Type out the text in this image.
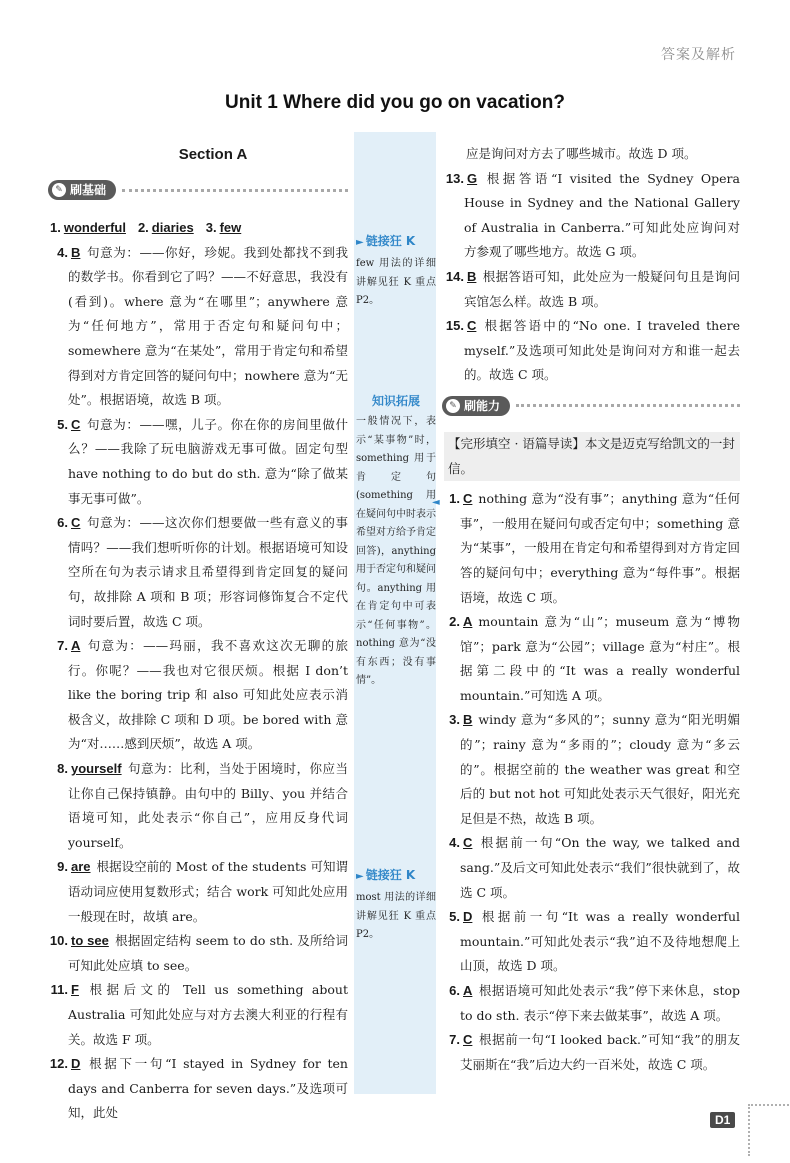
答案及解析
Unit 1 Where did you go on vacation?
Section A
✎ 刷基础
1. wonderful 2. diaries 3. few
4. B 句意为：——你好，珍妮。我到处都找不到我的数学书。你看到它了吗？——不好意思，我没有(看到)。where 意为“在哪里”；anywhere 意为“任何地方”，常用于否定句和疑问句中；somewhere 意为“在某处”，常用于肯定句和希望得到对方肯定回答的疑问句中；nowhere 意为“无处”。根据语境，故选 B 项。
5. C 句意为：——嘿，儿子。你在你的房间里做什么？——我除了玩电脑游戏无事可做。固定句型 have nothing to do but do sth. 意为“除了做某事无事可做”。
6. C 句意为：——这次你们想要做一些有意义的事情吗？——我们想听听你的计划。根据语境可知设空所在句为表示请求且希望得到肯定回复的疑问句，故排除 A 项和 B 项；形容词修饰复合不定代词时要后置，故选 C 项。
7. A 句意为：——玛丽，我不喜欢这次无聊的旅行。你呢？——我也对它很厌烦。根据 I don’t like the boring trip 和 also 可知此处应表示消极含义，故排除 C 项和 D 项。be bored with 意为“对……感到厌烦”，故选 A 项。
8. yourself 句意为：比利，当处于困境时，你应当让你自己保持镇静。由句中的 Billy、you 并结合语境可知，此处表示“你自己”，应用反身代词 yourself。
9. are 根据设空前的 Most of the students 可知谓语动词应使用复数形式；结合 work 可知此处应用一般现在时，故填 are。
10. to see 根据固定结构 seem to do sth. 及所给词可知此处应填 to see。
11. F 根据后文的 Tell us something about Australia 可知此处应与对方去澳大利亚的行程有关。故选 F 项。
12. D 根据下一句“I stayed in Sydney for ten days and Canberra for seven days.”及选项可知，此处
► 链接狂 K
few 用法的详细讲解见狂 K 重点 P2。
知识拓展
一般情况下，表示“某事物”时，something 用于肯定句(something 用在疑问句中时表示希望对方给予肯定回答)，anything 用于否定句和疑问句。anything 用在肯定句中可表示“任何事物”。nothing 意为“没有东西；没有事情”。
► 链接狂 K
most 用法的详细讲解见狂 K 重点 P2。
◄
应是询问对方去了哪些城市。故选 D 项。
13. G 根据答语“I visited the Sydney Opera House in Sydney and the National Gallery of Australia in Canberra.”可知此处应询问对方参观了哪些地方。故选 G 项。
14. B 根据答语可知，此处应为一般疑问句且是询问宾馆怎么样。故选 B 项。
15. C 根据答语中的“No one. I traveled there myself.”及选项可知此处是询问对方和谁一起去的。故选 C 项。
✎ 刷能力
【完形填空 · 语篇导读】本文是迈克写给凯文的一封信。
1. C nothing 意为“没有事”；anything 意为“任何事”，一般用在疑问句或否定句中；something 意为“某事”，一般用在肯定句和希望得到对方肯定回答的疑问句中；everything 意为“每件事”。根据语境，故选 C 项。
2. A mountain 意为“山”；museum 意为“博物馆”；park 意为“公园”；village 意为“村庄”。根据第二段中的“It was a really wonderful mountain.”可知选 A 项。
3. B windy 意为“多风的”；sunny 意为“阳光明媚的”；rainy 意为“多雨的”；cloudy 意为“多云的”。根据空前的 the weather was great 和空后的 but not hot 可知此处表示天气很好，阳光充足但是不热，故选 B 项。
4. C 根据前一句“On the way, we talked and sang.”及后文可知此处表示“我们”很快就到了，故选 C 项。
5. D 根据前一句“It was a really wonderful mountain.”可知此处表示“我”迫不及待地想爬上山顶，故选 D 项。
6. A 根据语境可知此处表示“我”停下来休息，stop to do sth. 表示“停下来去做某事”，故选 A 项。
7. C 根据前一句“I looked back.”可知“我”的朋友艾丽斯在“我”后边大约一百米处，故选 C 项。
D1
